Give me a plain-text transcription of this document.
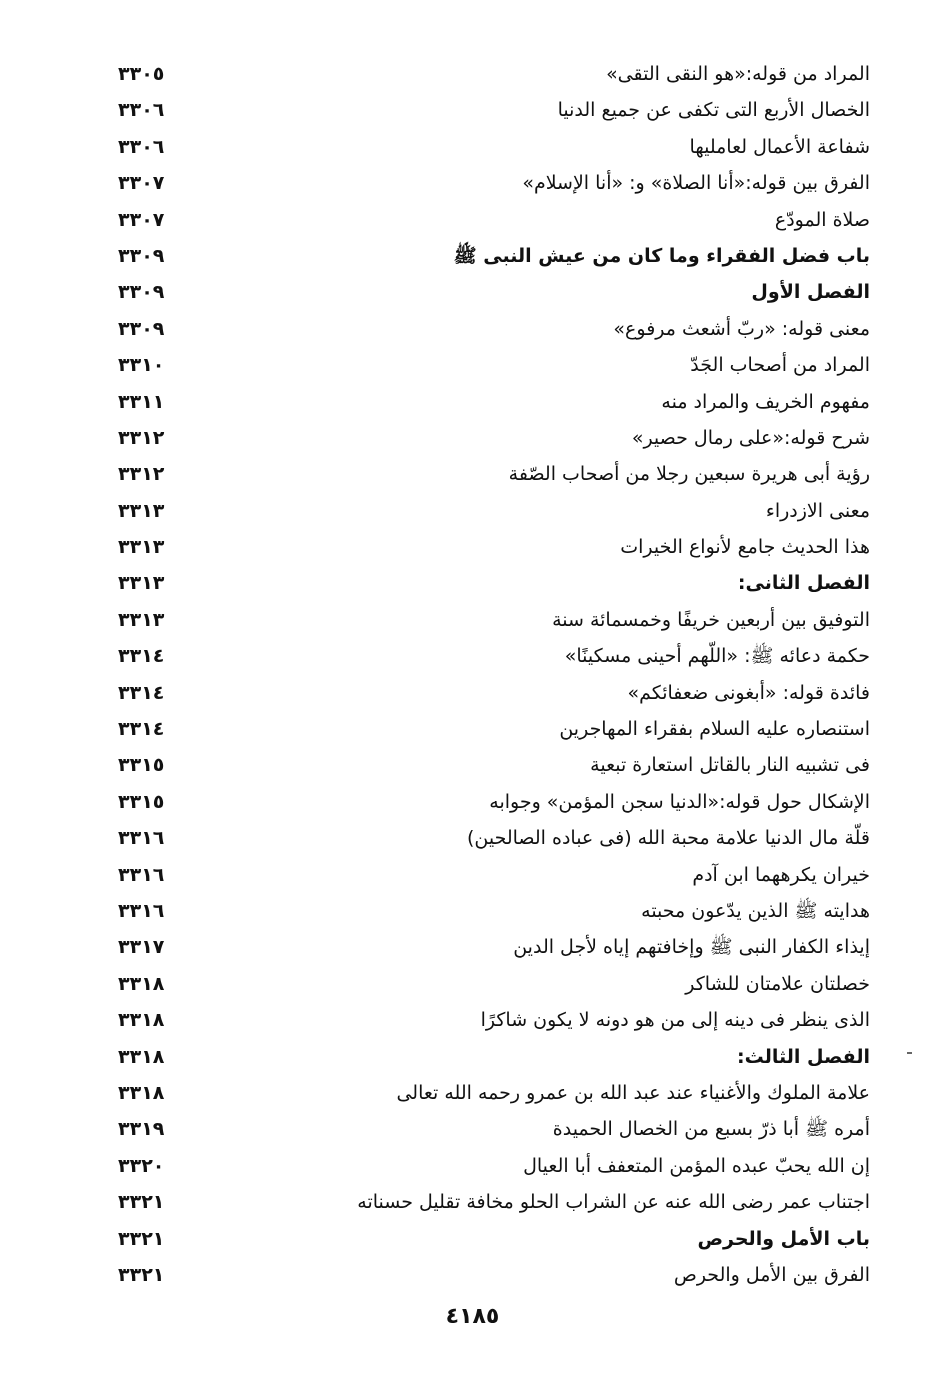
المراد من قوله:«هو النقى التقى»
٣٣٠٥
الخصال الأربع التى تكفى عن جميع الدنيا
٣٣٠٦
شفاعة الأعمال لعامليها
٣٣٠٦
الفرق بين قوله:«أنا الصلاة» و: «أنا الإسلام»
٣٣٠٧
صلاة المودّع
٣٣٠٧
باب فضل الفقراء وما كان من عيش النبى ﷺ
٣٣٠٩
الفصل الأول
٣٣٠٩
معنى قوله: «ربّ أشعث مرفوع»
٣٣٠٩
المراد من أصحاب الجَدّ
٣٣١٠
مفهوم الخريف والمراد منه
٣٣١١
شرح قوله:«على رمال حصير»
٣٣١٢
رؤية أبى هريرة سبعين رجلا من أصحاب الصّفة
٣٣١٢
معنى الازدراء
٣٣١٣
هذا الحديث جامع لأنواع الخيرات
٣٣١٣
الفصل الثانى:
٣٣١٣
التوفيق بين أربعين خريفًا وخمسمائة سنة
٣٣١٣
حكمة دعائه ﷺ: «اللّهم أحينى مسكينًا»
٣٣١٤
فائدة قوله: «أبغونى ضعفائكم»
٣٣١٤
استنصاره عليه السلام بفقراء المهاجرين
٣٣١٤
فى تشبيه النار بالقاتل استعارة تبعية
٣٣١٥
الإشكال حول قوله:«الدنيا سجن المؤمن» وجوابه
٣٣١٥
قلّة مال الدنيا علامة محبة الله (فى عباده الصالحين)
٣٣١٦
خيران يكرههما ابن آدم
٣٣١٦
هدايته ﷺ الذين يدّعون محبته
٣٣١٦
إيذاء الكفار النبى ﷺ وإخافتهم إياه لأجل الدين
٣٣١٧
خصلتان علامتان للشاكر
٣٣١٨
الذى ينظر فى دينه إلى من هو دونه لا يكون شاكرًا
٣٣١٨
الفصل الثالث:
٣٣١٨
علامة الملوك والأغنياء عند عبد الله بن عمرو رحمه الله تعالى
٣٣١٨
أمره ﷺ أبا ذرّ بسبع من الخصال الحميدة
٣٣١٩
إن الله يحبّ عبده المؤمن المتعفف أبا العيال
٣٣٢٠
اجتناب عمر رضى الله عنه عن الشراب الحلو مخافة تقليل حسناته
٣٣٢١
باب الأمل والحرص
٣٣٢١
الفرق بين الأمل والحرص
٣٣٢١
٤١٨٥
